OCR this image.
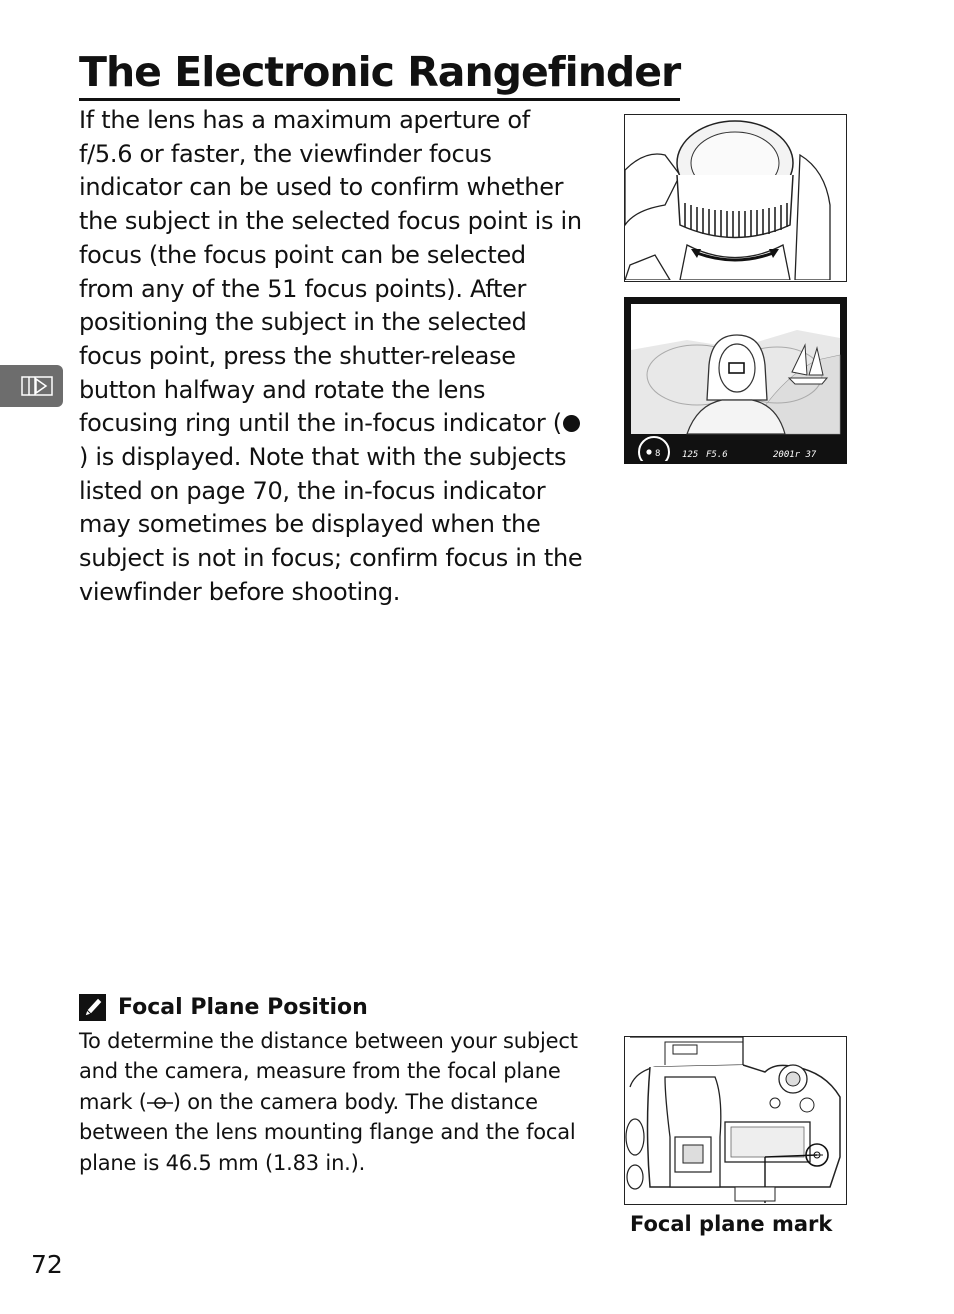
The Electronic Rangefinder

If the lens has a maximum aperture of f/5.6 or faster, the viewfinder focus indicator can be used to confirm whether the subject in the selected focus point is in focus (the focus point can be selected from any of the 51 focus points). After positioning the subject in the selected focus point, press the shutter-release button halfway and rotate the lens focusing ring until the in-focus indicator () is displayed. Note that with the subjects listed on page 70, the in-focus indicator may sometimes be displayed when the subject is not in focus; confirm focus in the viewfinder before shooting.

8 125 F5.6	2001r 37
Focal Plane Position

To determine the distance between your subject and the camera, measure from the focal plane mark ( ) on the camera body. The distance between the lens mounting flange and the focal plane is 46.5 mm (1.83 in.).

Focal plane mark
72
